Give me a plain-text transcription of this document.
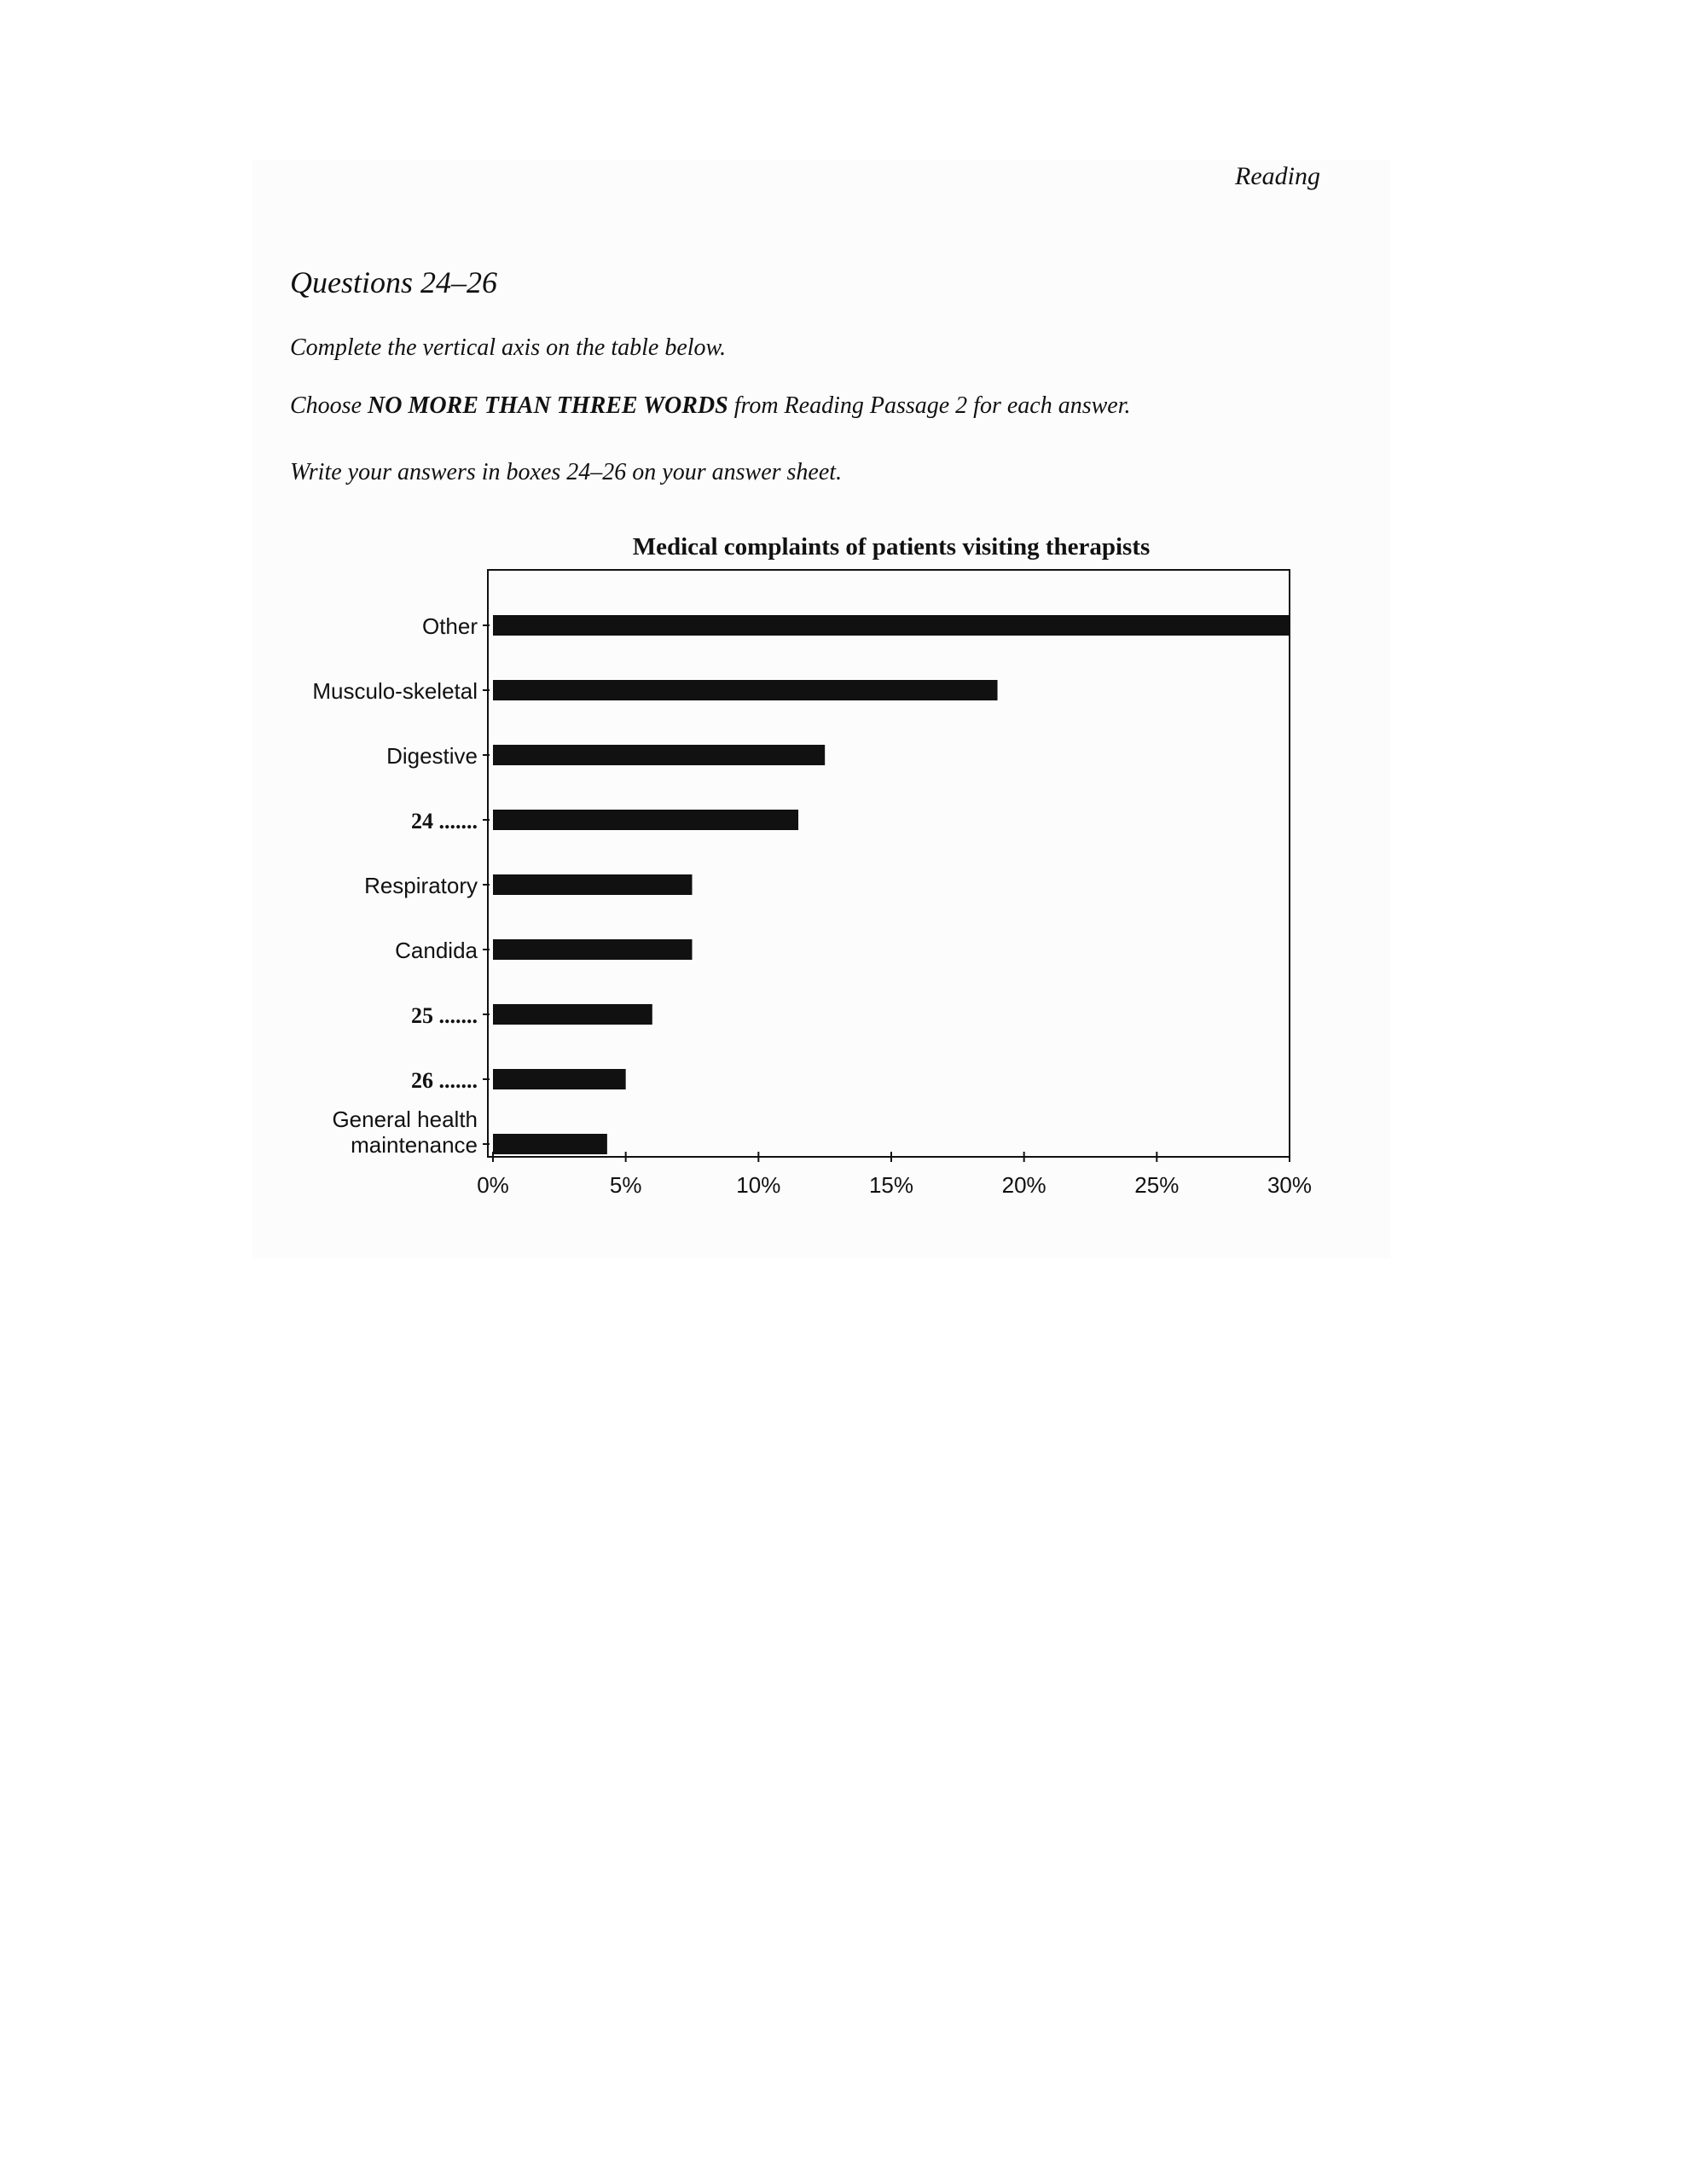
Reading
Questions 24–26
Complete the vertical axis on the table below.
Choose NO MORE THAN THREE WORDS from Reading Passage 2 for each answer.
Write your answers in boxes 24–26 on your answer sheet.
Medical complaints of patients visiting therapists
Other
Musculo-skeletal
Digestive
24 .......
Respiratory
Candida
25 .......
26 .......
General health
maintenance
0%	5%	10%	15%	20%	25%	30%
